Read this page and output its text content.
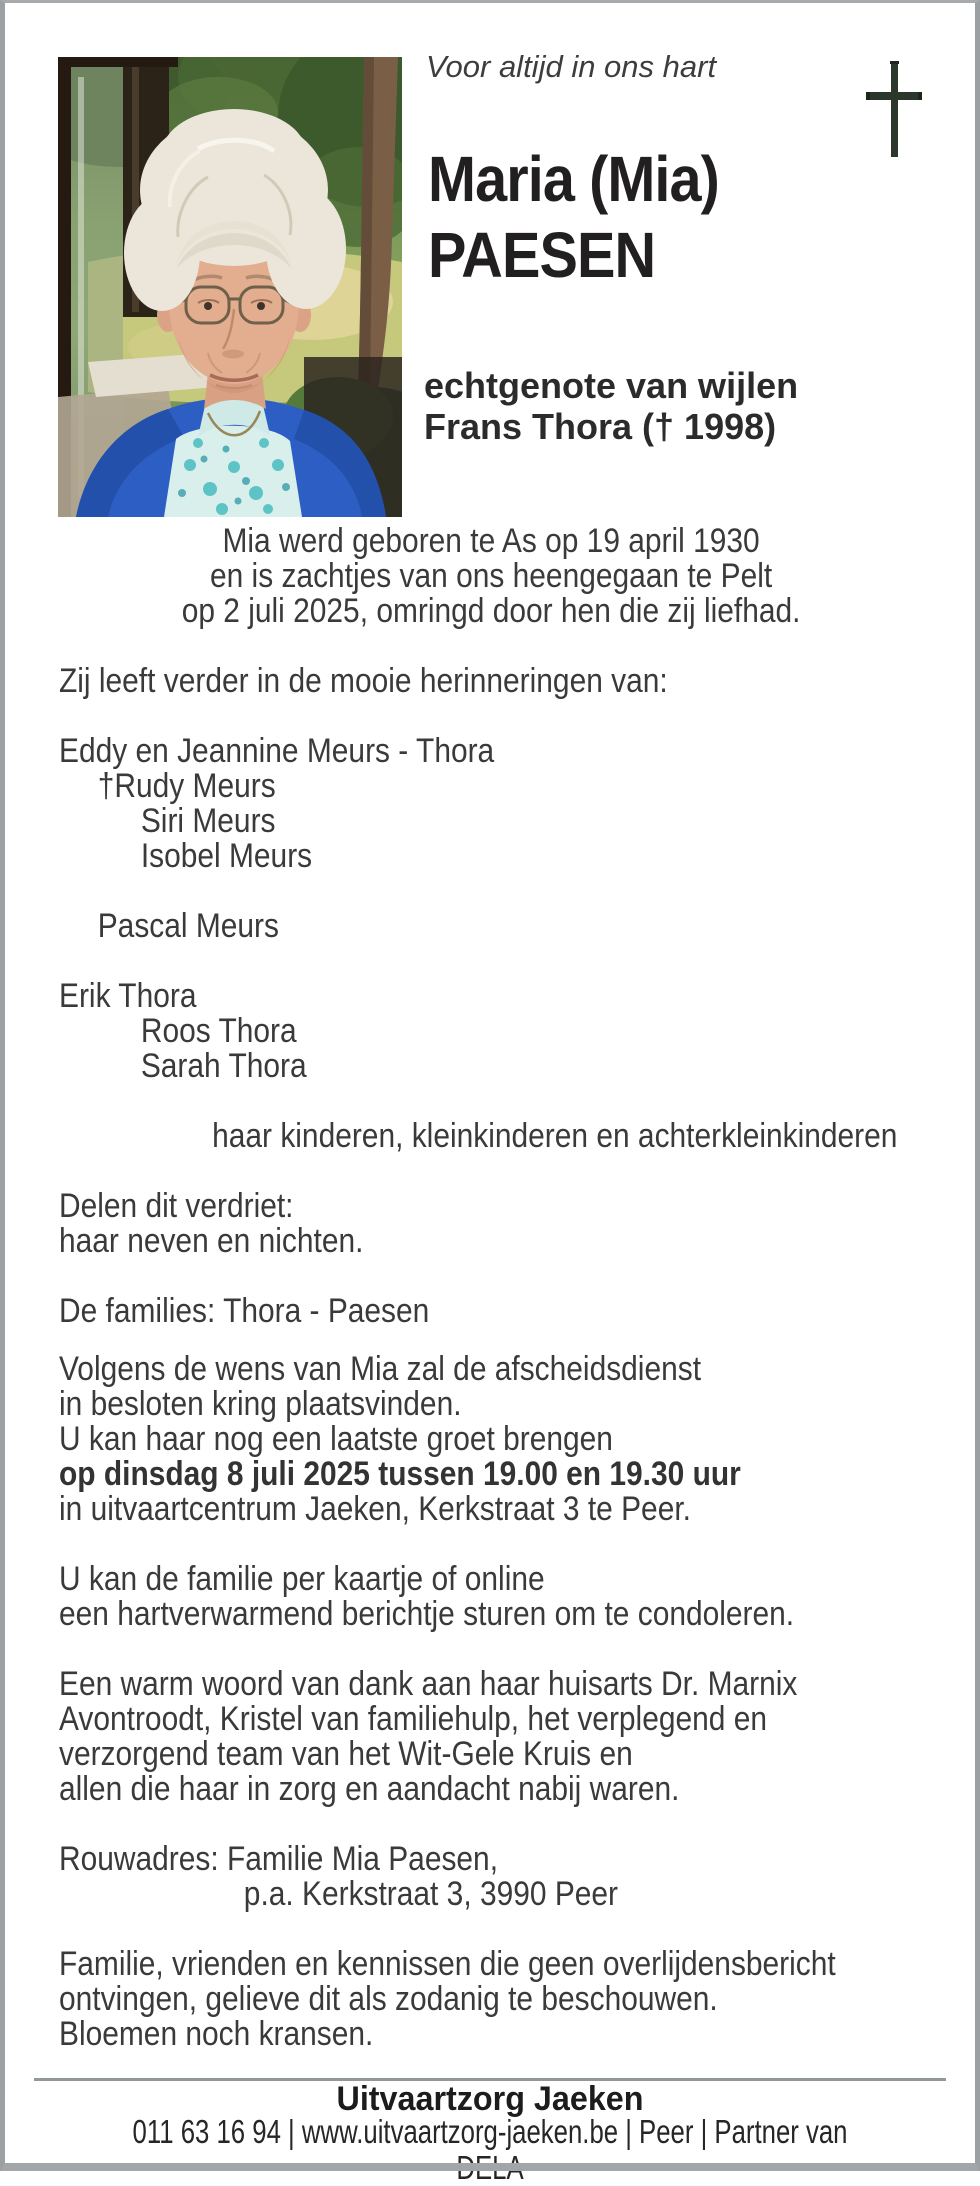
Voor altijd in ons hart
Maria (Mia)
PAESEN
echtgenote van wijlen
Frans Thora († 1998)
Mia werd geboren te As op 19 april 1930
en is zachtjes van ons heengegaan te Pelt
op 2 juli 2025, omringd door hen die zij liefhad.
Zij leeft verder in de mooie herinneringen van:
Eddy en Jeannine Meurs - Thora
†Rudy Meurs
Siri Meurs
Isobel Meurs
Pascal Meurs
Erik Thora
Roos Thora
Sarah Thora
haar kinderen, kleinkinderen en achterkleinkinderen
Delen dit verdriet:
haar neven en nichten.
De families: Thora - Paesen
Volgens de wens van Mia zal de afscheidsdienst
in besloten kring plaatsvinden.
U kan haar nog een laatste groet brengen
op dinsdag 8 juli 2025 tussen 19.00 en 19.30 uur
in uitvaartcentrum Jaeken, Kerkstraat 3 te Peer.
U kan de familie per kaartje of online
een hartverwarmend berichtje sturen om te condoleren.
Een warm woord van dank aan haar huisarts Dr. Marnix
Avontroodt, Kristel van familiehulp, het verplegend en
verzorgend team van het Wit-Gele Kruis en
allen die haar in zorg en aandacht nabij waren.
Rouwadres: Familie Mia Paesen,
p.a. Kerkstraat 3, 3990 Peer
Familie, vrienden en kennissen die geen overlijdensbericht
ontvingen, gelieve dit als zodanig te beschouwen.
Bloemen noch kransen.
Uitvaartzorg Jaeken
011 63 16 94 | www.uitvaartzorg-jaeken.be | Peer | Partner van DELA
